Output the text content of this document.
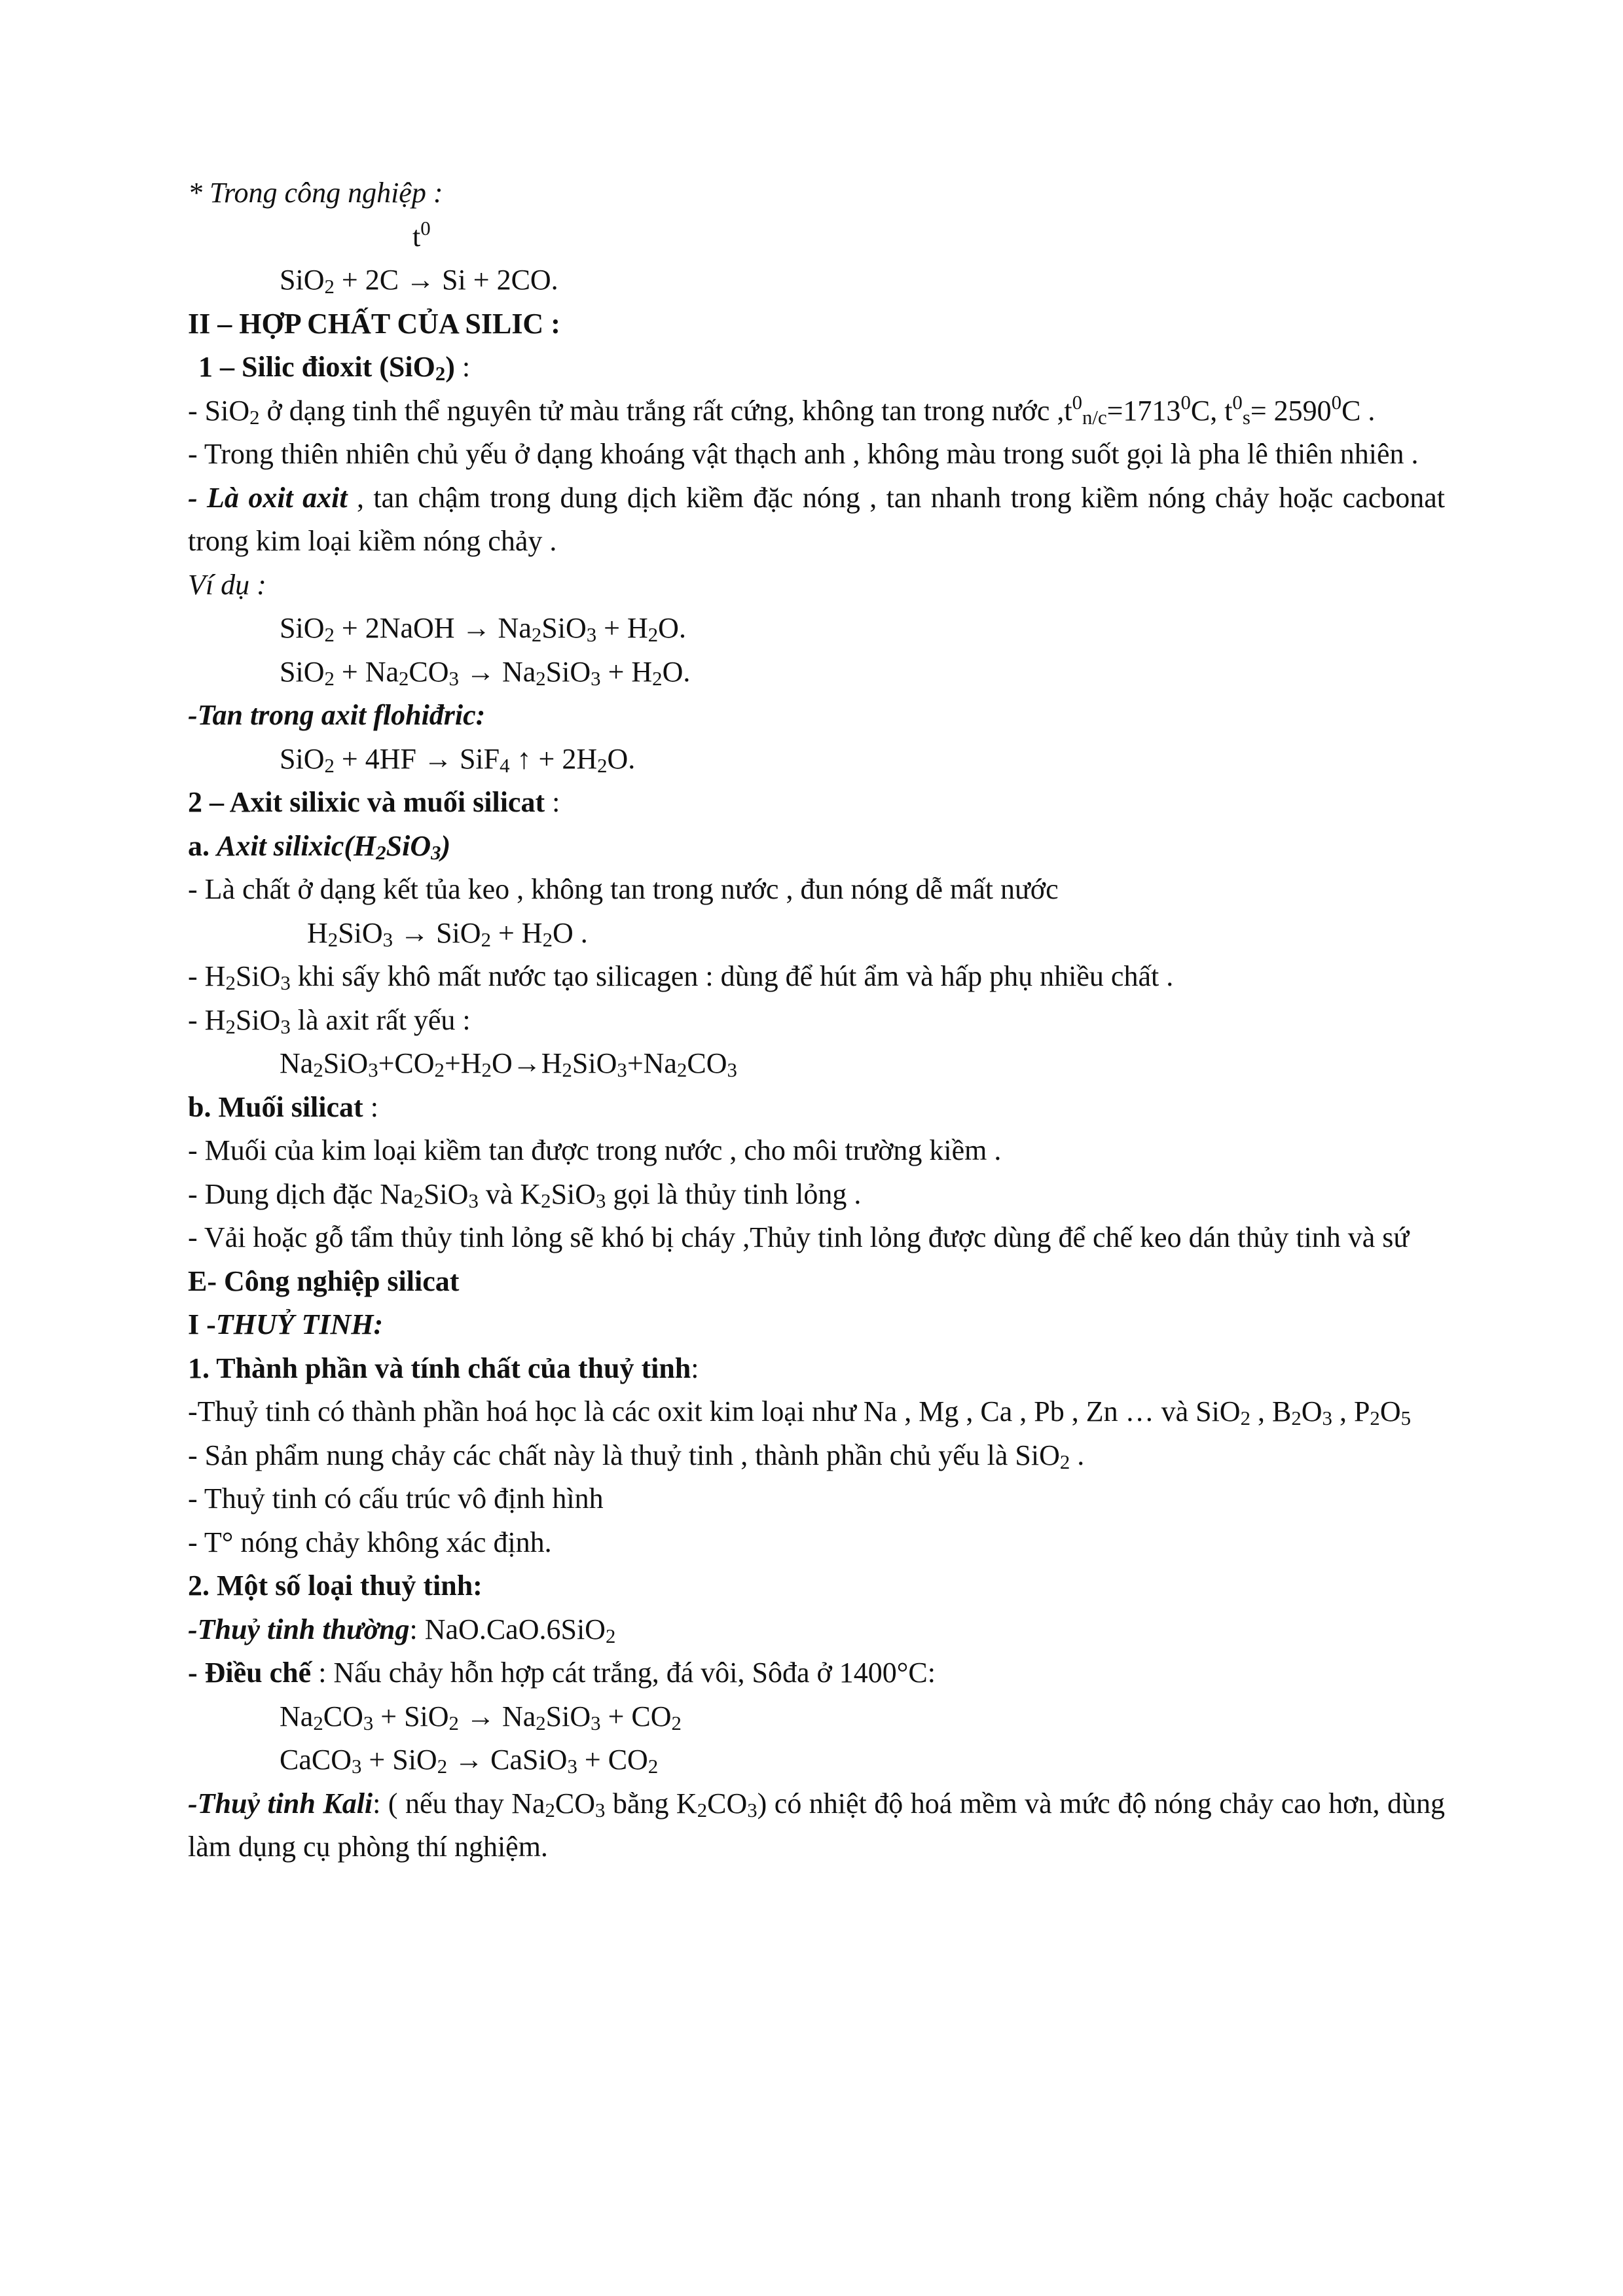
* Trong công nghiệp :

$t^0$

SiO$_2$ + 2C → Si + 2CO.

II – HỢP CHẤT CỦA SILIC :

1 – Silic đioxit (SiO$_2$) :

- SiO$_2$ ở dạng tinh thể nguyên tử màu trắng rất cứng, không tan trong nước $,t^0_{n/c}=1713^0C$, $t^0_s= 2590^0C$ .

- Trong thiên nhiên chủ yếu ở dạng khoáng vật thạch anh , không màu trong suốt gọi là pha lê thiên nhiên .

- Là oxit axit , tan chậm trong dung dịch kiềm đặc nóng , tan nhanh trong kiềm nóng chảy hoặc cacbonat trong kim loại kiềm nóng chảy .

Ví dụ :

SiO$_2$ + 2NaOH → $Na_2SiO_3 + H_2O$.

$SiO_2 + Na_2CO_3 \to Na_2SiO_3 + H_2O$.

-Tan trong axit flohiđric:

SiO$_2$ + 4HF → SiF$_4$ ↑ + $2H_2O$.

2 – Axit silixic và muối silicat :

a. Axit $silixic(H_2SiO_3)$

- Là chất ở dạng kết tủa keo , không tan trong nước , đun nóng dễ mất nước

$H_2SiO_3 \to SiO_2 + H_2O$ .

- $H_2SiO_3$ khi sấy khô mất nước tạo silicagen : dùng để hút ẩm và hấp phụ nhiều chất .

- $H_2SiO_3$ là axit rất yếu :

$Na_2SiO_3+CO_2+H_2O\to H_2SiO_3+Na_2CO_3$

b. Muối silicat :

- Muối của kim loại kiềm tan được trong nước , cho môi trường kiềm .

- Dung dịch đặc $Na_2SiO_3$ và $K_2SiO_3$ gọi là thủy tinh lỏng .

- Vải hoặc gỗ tẩm thủy tinh lỏng sẽ khó bị cháy ,Thủy tinh lỏng được dùng để chế keo dán thủy tinh và sứ

E- Công nghiệp silicat

I -THUỶ TINH:

1. Thành phần và tính chất của thuỷ tinh:

-Thuỷ tinh có thành phần hoá học là các oxit kim loại như Na , Mg , Ca , Pb , Zn … và SiO$_2$ , $B_2O_3$ , $P_2O_5$

- Sản phẩm nung chảy các chất này là thuỷ tinh , thành phần chủ yếu là SiO$_2$ .

- Thuỷ tinh có cấu trúc vô định hình

- T° nóng chảy không xác định.

2. Một số loại thuỷ tinh:

-Thuỷ tinh thường: NaO.CaO.6SiO$_2$

- Điều chế : Nấu chảy hỗn hợp cát trắng, đá vôi, Sôđa ở 1400°C:

$Na_2CO_3 + SiO_2 \to Na_2SiO_3 + CO_2$

CaCO$_3$ + SiO$_2$ → CaSiO$_3$ + $CO_2$

-Thuỷ tinh Kali: ( nếu thay $Na_2CO_3$ bằng $K_2CO_3$) có nhiệt độ hoá mềm và mức độ nóng chảy cao hơn, dùng làm dụng cụ phòng thí nghiệm.
